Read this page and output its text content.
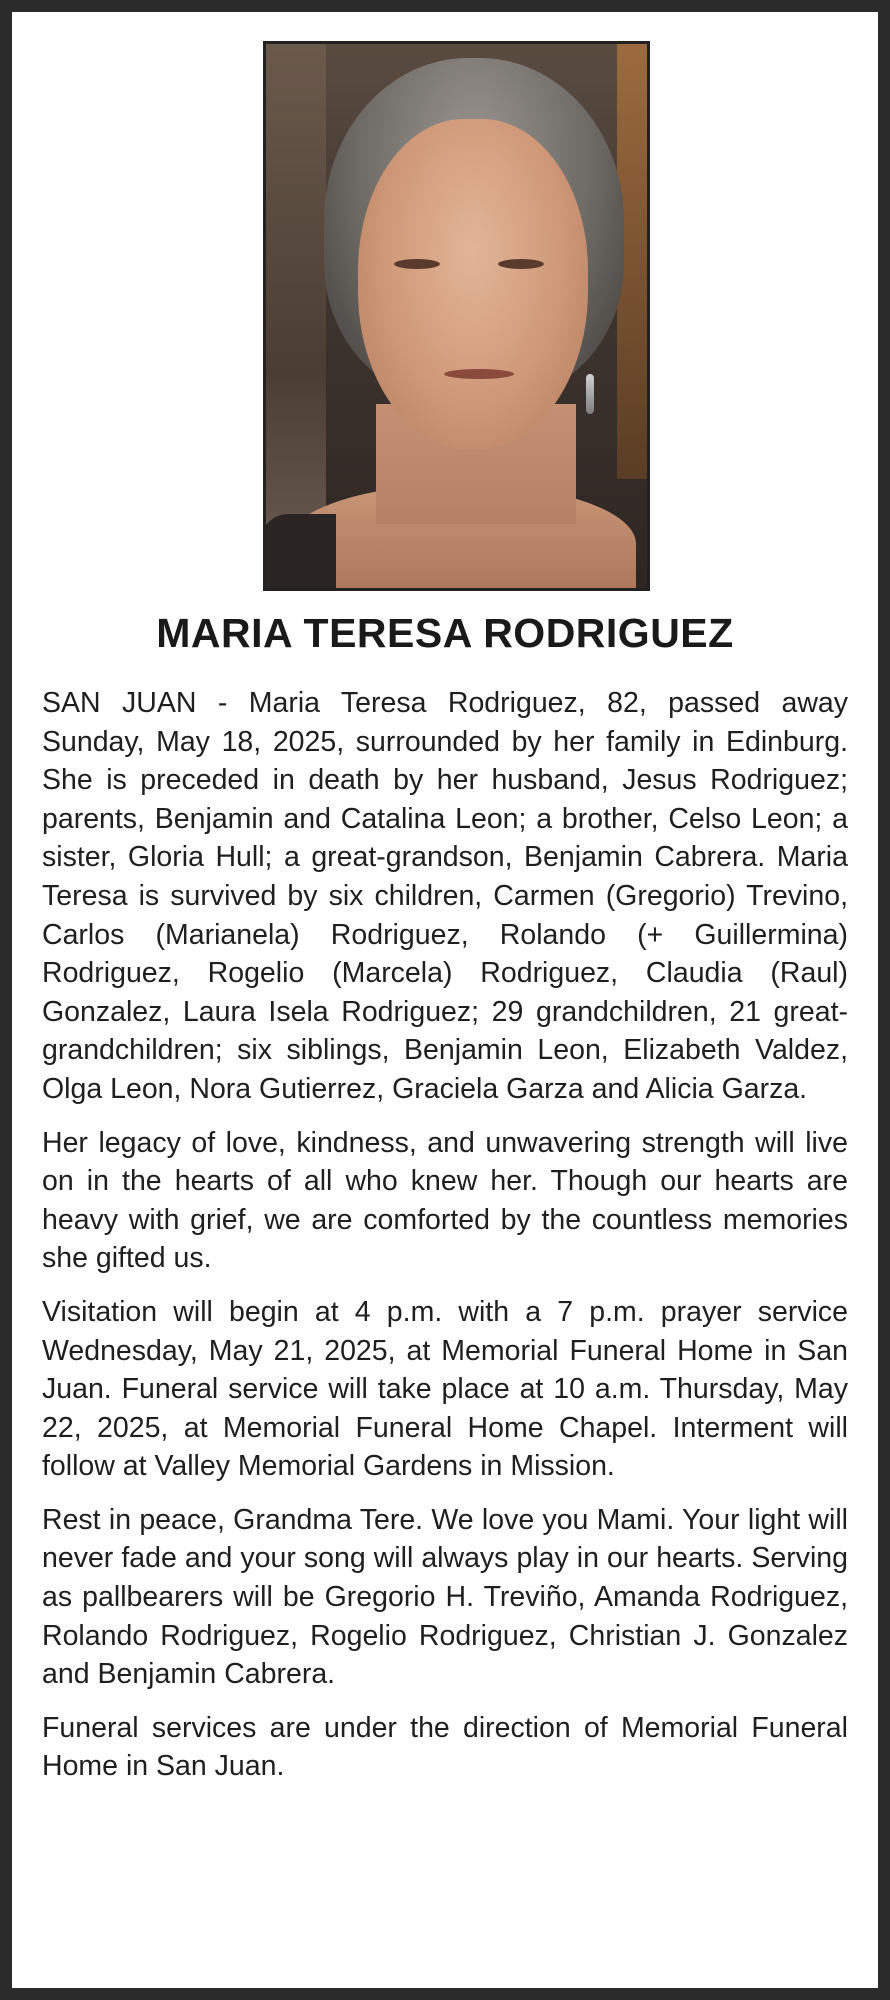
MARIA TERESA RODRIGUEZ

SAN JUAN - Maria Teresa Rodriguez, 82, passed away Sunday, May 18, 2025, surrounded by her family in Edinburg. She is preceded in death by her husband, Jesus Rodriguez; parents, Benjamin and Catalina Leon; a brother, Celso Leon; a sister, Gloria Hull; a great-grandson, Benjamin Cabrera. Maria Teresa is survived by six children, Carmen (Gregorio) Trevino, Carlos (Marianela) Rodriguez, Rolando (+ Guillermina) Rodriguez, Rogelio (Marcela) Rodriguez, Claudia (Raul) Gonzalez, Laura Isela Rodriguez; 29 grandchildren, 21 great-grandchildren; six siblings, Benjamin Leon, Elizabeth Valdez, Olga Leon, Nora Gutierrez, Graciela Garza and Alicia Garza.

Her legacy of love, kindness, and unwavering strength will live on in the hearts of all who knew her. Though our hearts are heavy with grief, we are comforted by the countless memories she gifted us.

Visitation will begin at 4 p.m. with a 7 p.m. prayer service Wednesday, May 21, 2025, at Memorial Funeral Home in San Juan. Funeral service will take place at 10 a.m. Thursday, May 22, 2025, at Memorial Funeral Home Chapel. Interment will follow at Valley Memorial Gardens in Mission.

Rest in peace, Grandma Tere. We love you Mami. Your light will never fade and your song will always play in our hearts. Serving as pallbearers will be Gregorio H. Treviño, Amanda Rodriguez, Rolando Rodriguez, Rogelio Rodriguez, Christian J. Gonzalez and Benjamin Cabrera.

Funeral services are under the direction of Memorial Funeral Home in San Juan.
